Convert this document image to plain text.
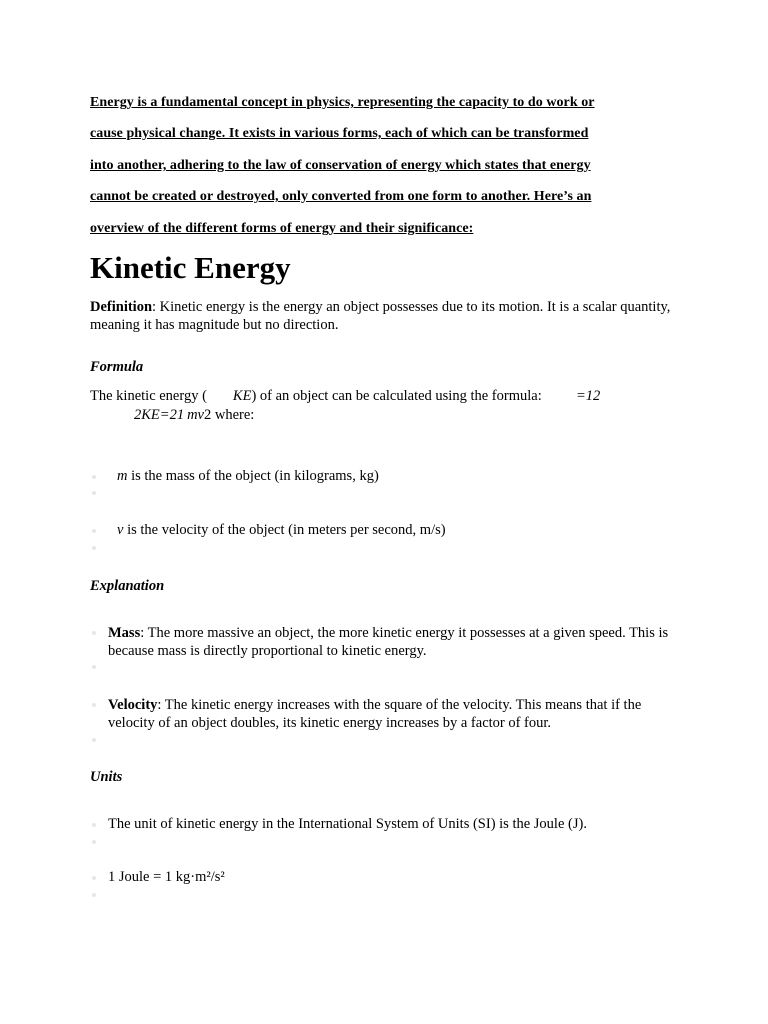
Energy is a fundamental concept in physics, representing the capacity to do work or
cause physical change. It exists in various forms, each of which can be transformed
into another, adhering to the law of conservation of energy which states that energy
cannot be created or destroyed, only converted from one form to another. Here’s an
overview of the different forms of energy and their significance:
Kinetic Energy
Definition: Kinetic energy is the energy an object possesses due to its motion. It is a scalar quantity, meaning it has magnitude but no direction.
Formula
The kinetic energy ( KE) of an object can be calculated using the formula: =12
2KE=21 mv2 where:
m is the mass of the object (in kilograms, kg)
v is the velocity of the object (in meters per second, m/s)
Explanation
Mass: The more massive an object, the more kinetic energy it possesses at a given speed. This is because mass is directly proportional to kinetic energy.
Velocity: The kinetic energy increases with the square of the velocity. This means that if the velocity of an object doubles, its kinetic energy increases by a factor of four.
Units
The unit of kinetic energy in the International System of Units (SI) is the Joule (J).
1 Joule = 1 kg·m²/s²
